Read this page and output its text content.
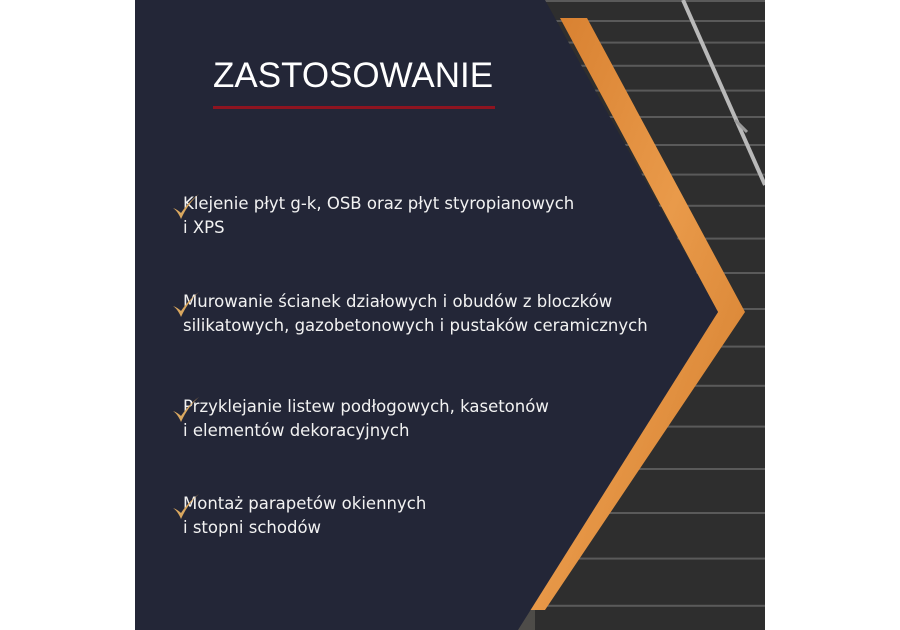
ZASTOSOWANIE
Klejenie płyt g-k, OSB oraz płyt styropianowych
i XPS
Murowanie ścianek działowych i obudów z bloczków
silikatowych, gazobetonowych i pustaków ceramicznych
Przyklejanie listew podłogowych, kasetonów
i elementów dekoracyjnych
Montaż parapetów okiennych
i stopni schodów
